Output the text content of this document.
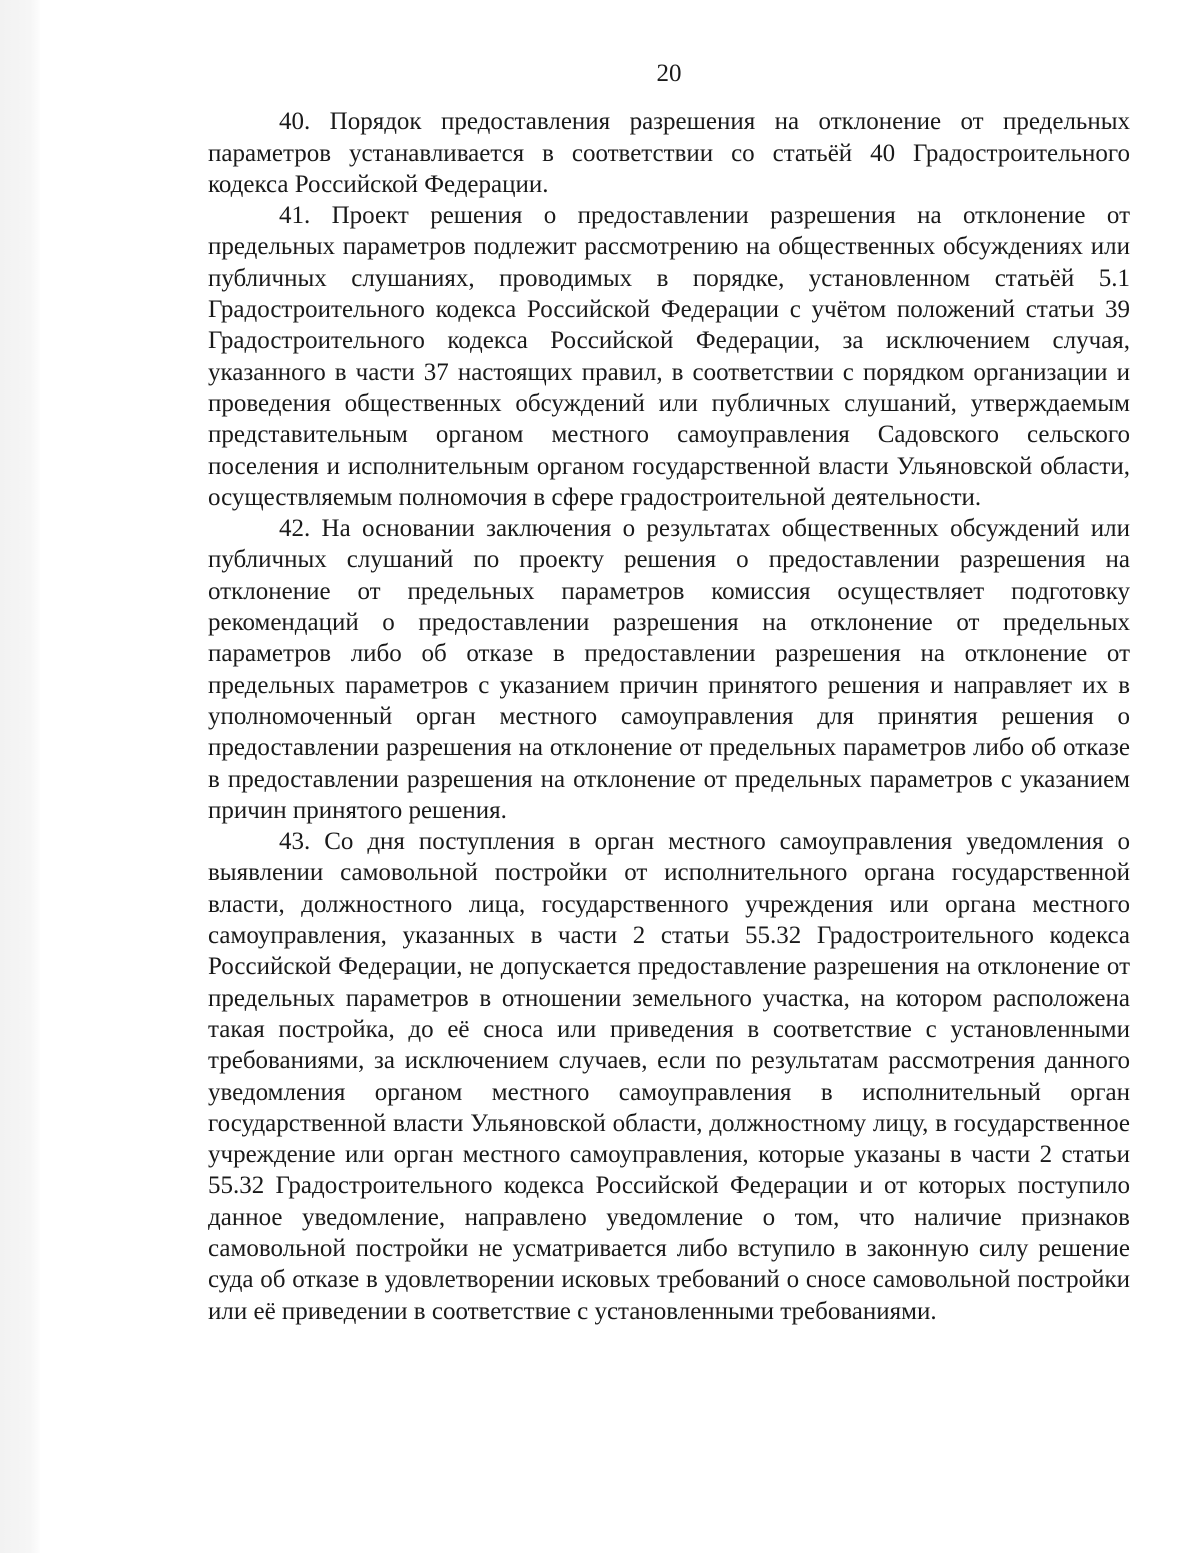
20

40. Порядок предоставления разрешения на отклонение от предельных параметров устанавливается в соответствии со статьёй 40 Градостроительного кодекса Российской Федерации.

41. Проект решения о предоставлении разрешения на отклонение от предельных параметров подлежит рассмотрению на общественных обсуждениях или публичных слушаниях, проводимых в порядке, установленном статьёй 5.1 Градостроительного кодекса Российской Федерации с учётом положений статьи 39 Градостроительного кодекса Российской Федерации, за исключением случая, указанного в части 37 настоящих правил, в соответствии с порядком организации и проведения общественных обсуждений или публичных слушаний, утверждаемым представительным органом местного самоуправления Садовского сельского поселения и исполнительным органом государственной власти Ульяновской области, осуществляемым полномочия в сфере градостроительной деятельности.

42. На основании заключения о результатах общественных обсуждений или публичных слушаний по проекту решения о предоставлении разрешения на отклонение от предельных параметров комиссия осуществляет подготовку рекомендаций о предоставлении разрешения на отклонение от предельных параметров либо об отказе в предоставлении разрешения на отклонение от предельных параметров с указанием причин принятого решения и направляет их в уполномоченный орган местного самоуправления для принятия решения о предоставлении разрешения на отклонение от предельных параметров либо об отказе в предоставлении разрешения на отклонение от предельных параметров с указанием причин принятого решения.

43. Со дня поступления в орган местного самоуправления уведомления о выявлении самовольной постройки от исполнительного органа государственной власти, должностного лица, государственного учреждения или органа местного самоуправления, указанных в части 2 статьи 55.32 Градостроительного кодекса Российской Федерации, не допускается предоставление разрешения на отклонение от предельных параметров в отношении земельного участка, на котором расположена такая постройка, до её сноса или приведения в соответствие с установленными требованиями, за исключением случаев, если по результатам рассмотрения данного уведомления органом местного самоуправления в исполнительный орган государственной власти Ульяновской области, должностному лицу, в государственное учреждение или орган местного самоуправления, которые указаны в части 2 статьи 55.32 Градостроительного кодекса Российской Федерации и от которых поступило данное уведомление, направлено уведомление о том, что наличие признаков самовольной постройки не усматривается либо вступило в законную силу решение суда об отказе в удовлетворении исковых требований о сносе самовольной постройки или её приведении в соответствие с установленными требованиями.
